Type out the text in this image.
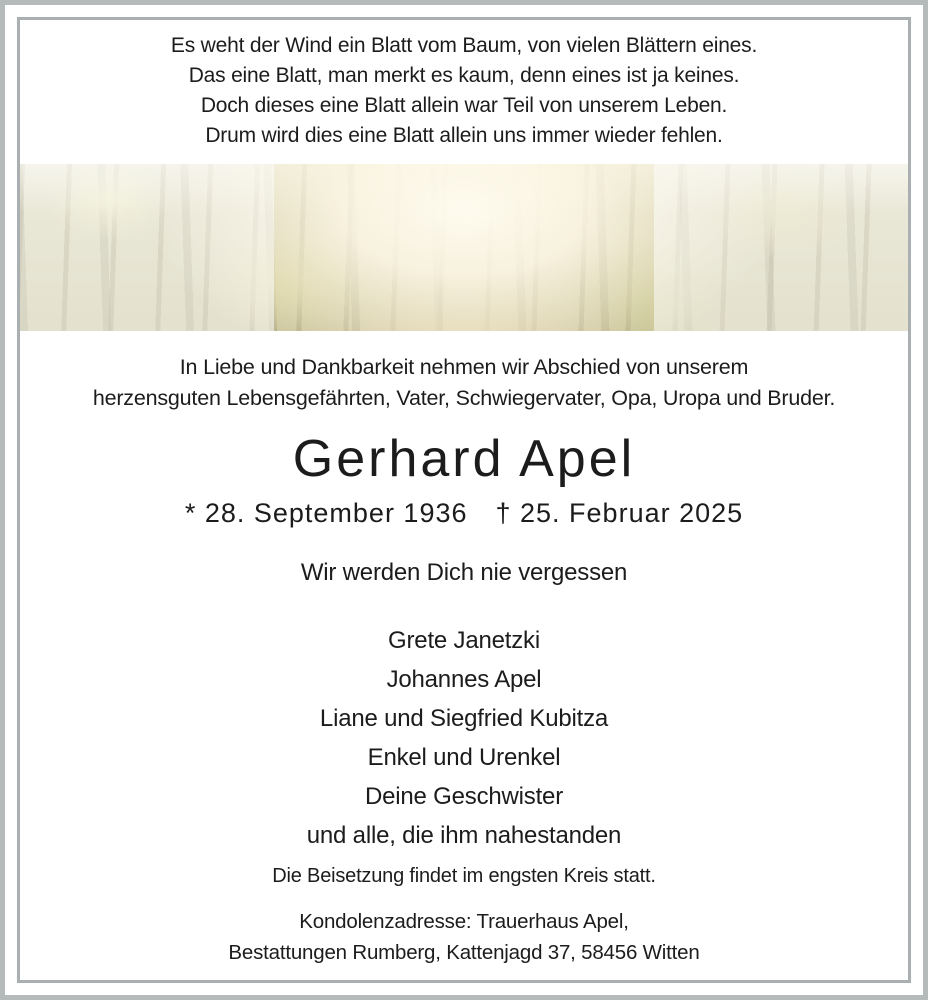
Es weht der Wind ein Blatt vom Baum, von vielen Blättern eines.
Das eine Blatt, man merkt es kaum, denn eines ist ja keines.
Doch dieses eine Blatt allein war Teil von unserem Leben.
Drum wird dies eine Blatt allein uns immer wieder fehlen.
In Liebe und Dankbarkeit nehmen wir Abschied von unserem
herzensguten Lebensgefährten, Vater, Schwiegervater, Opa, Uropa und Bruder.
Gerhard Apel
* 28. September 1936 † 25. Februar 2025
Wir werden Dich nie vergessen
Grete Janetzki
Johannes Apel
Liane und Siegfried Kubitza
Enkel und Urenkel
Deine Geschwister
und alle, die ihm nahestanden
Die Beisetzung findet im engsten Kreis statt.
Kondolenzadresse: Trauerhaus Apel,
Bestattungen Rumberg, Kattenjagd 37, 58456 Witten
